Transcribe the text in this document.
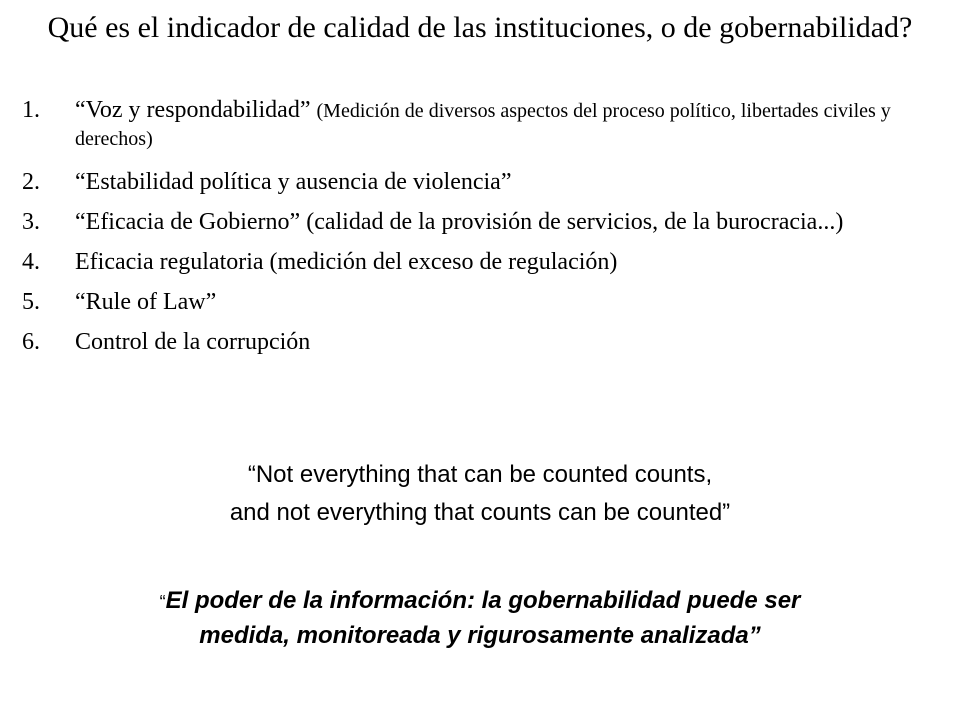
Qué es el indicador de calidad de las instituciones, o de gobernabilidad?
1. “Voz y respondabilidad” (Medición de diversos aspectos del proceso político, libertades civiles y derechos)
2. “Estabilidad política y ausencia de violencia”
3. “Eficacia de Gobierno” (calidad de la provisión de servicios, de la burocracia...)
4. Eficacia regulatoria (medición del exceso de regulación)
5. “Rule of Law”
6. Control de la corrupción
“Not everything that can be counted counts,
and not everything that counts can be counted”
“El poder de la información: la gobernabilidad puede ser
medida, monitoreada y rigurosamente analizada”
